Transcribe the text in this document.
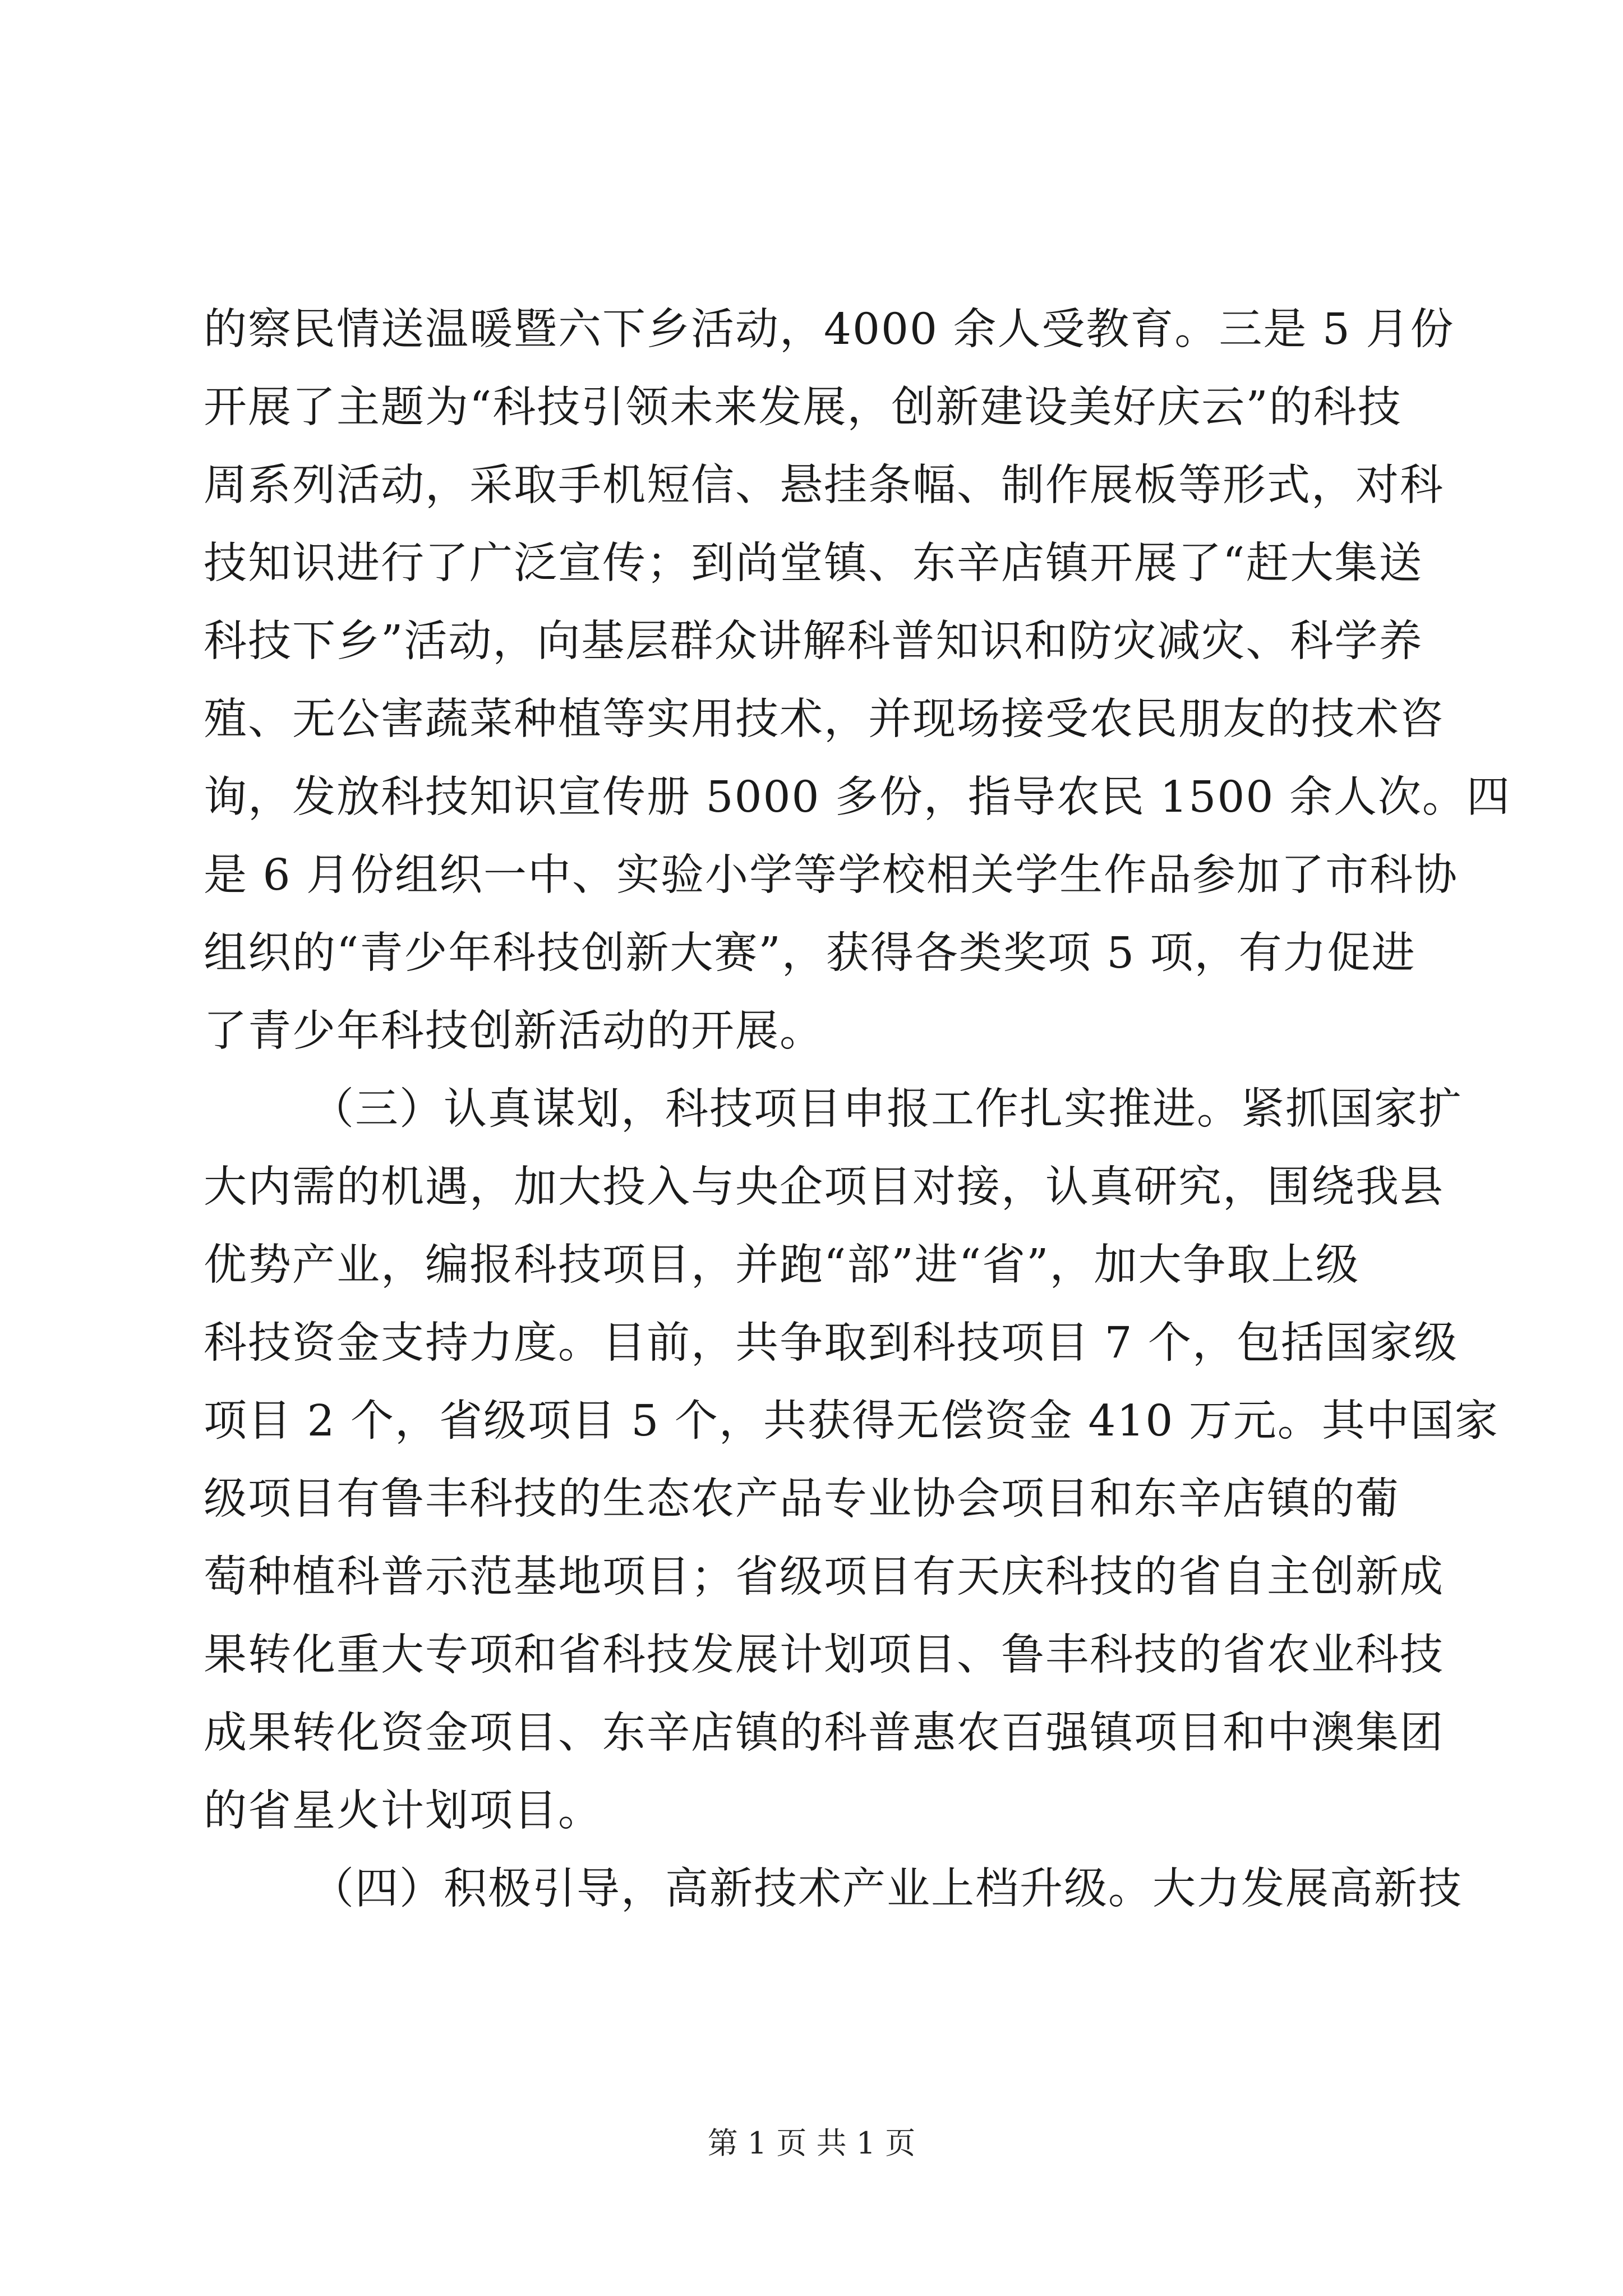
的察民情送温暖暨六下乡活动，4000 余人受教育。三是 5 月份
开展了主题为“科技引领未来发展，创新建设美好庆云”的科技
周系列活动，采取手机短信、悬挂条幅、制作展板等形式，对科
技知识进行了广泛宣传；到尚堂镇、东辛店镇开展了“赶大集送
科技下乡”活动，向基层群众讲解科普知识和防灾减灾、科学养
殖、无公害蔬菜种植等实用技术，并现场接受农民朋友的技术咨
询，发放科技知识宣传册 5000 多份，指导农民 1500 余人次。四
是 6 月份组织一中、实验小学等学校相关学生作品参加了市科协
组织的“青少年科技创新大赛”，获得各类奖项 5 项，有力促进
了青少年科技创新活动的开展。
（三）认真谋划，科技项目申报工作扎实推进。紧抓国家扩
大内需的机遇，加大投入与央企项目对接，认真研究，围绕我县
优势产业，编报科技项目，并跑“部”进“省”，加大争取上级
科技资金支持力度。目前，共争取到科技项目 7 个，包括国家级
项目 2 个，省级项目 5 个，共获得无偿资金 410 万元。其中国家
级项目有鲁丰科技的生态农产品专业协会项目和东辛店镇的葡
萄种植科普示范基地项目；省级项目有天庆科技的省自主创新成
果转化重大专项和省科技发展计划项目、鲁丰科技的省农业科技
成果转化资金项目、东辛店镇的科普惠农百强镇项目和中澳集团
的省星火计划项目。
（四）积极引导，高新技术产业上档升级。大力发展高新技
第 1 页 共 1 页
